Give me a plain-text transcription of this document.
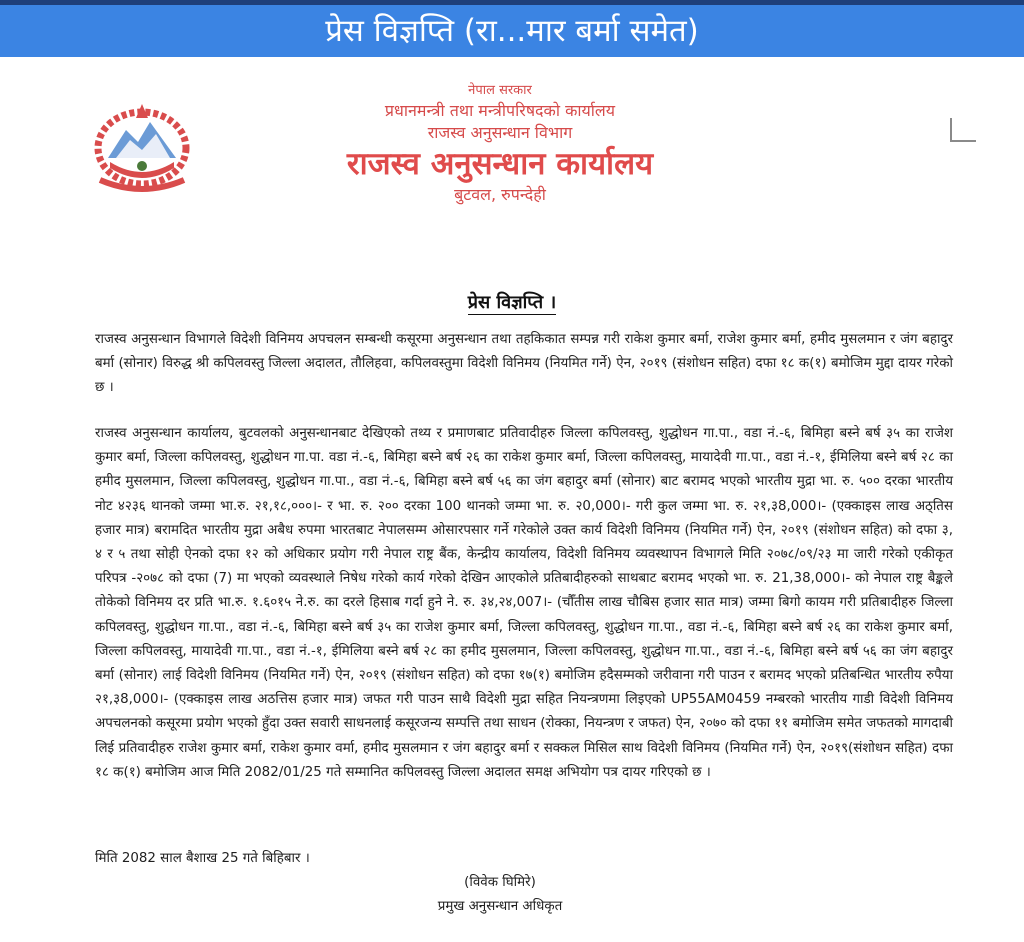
प्रेस विज्ञप्ति (रा...मार बर्मा समेत)
नेपाल सरकार
प्रधानमन्त्री तथा मन्त्रीपरिषदको कार्यालय
राजस्व अनुसन्धान विभाग
राजस्व अनुसन्धान कार्यालय
बुटवल, रुपन्देही
प्रेस विज्ञप्ति ।

राजस्व अनुसन्धान विभागले विदेशी विनिमय अपचलन सम्बन्धी कसूरमा अनुसन्धान तथा तहकिकात सम्पन्न गरी राकेश कुमार बर्मा, राजेश कुमार बर्मा, हमीद मुसलमान र जंग बहादुर बर्मा (सोनार) विरुद्ध श्री कपिलवस्तु जिल्ला अदालत, तौलिहवा, कपिलवस्तुमा विदेशी विनिमय (नियमित गर्ने) ऐन, २०१९ (संशोधन सहित) दफा १८ क(१) बमोजिम मुद्दा दायर गरेको छ ।

राजस्व अनुसन्धान कार्यालय, बुटवलको अनुसन्धानबाट देखिएको तथ्य र प्रमाणबाट प्रतिवादीहरु जिल्ला कपिलवस्तु, शुद्धोधन गा.पा., वडा नं.-६, बिमिहा बस्ने बर्ष ३५ का राजेश कुमार बर्मा, जिल्ला कपिलवस्तु, शुद्धोधन गा.पा. वडा नं.-६, बिमिहा बस्ने बर्ष २६ का राकेश कुमार बर्मा, जिल्ला कपिलवस्तु, मायादेवी गा.पा., वडा नं.-१, ईमिलिया बस्ने बर्ष २८ का हमीद मुसलमान, जिल्ला कपिलवस्तु, शुद्धोधन गा.पा., वडा नं.-६, बिमिहा बस्ने बर्ष ५६ का जंग बहादुर बर्मा (सोनार) बाट बरामद भएको भारतीय मुद्रा भा. रु. ५०० दरका भारतीय नोट ४२३६ थानको जम्मा भा.रु. २१,१८,०००।- र भा. रु. २०० दरका 100 थानको जम्मा भा. रु. २0,000।- गरी कुल जम्मा भा. रु. २१,३8,000।- (एक्काइस लाख अठ्तिस हजार मात्र) बरामदित भारतीय मुद्रा अबैध रुपमा भारतबाट नेपालसम्म ओसारपसार गर्ने गरेकोले उक्त कार्य विदेशी विनिमय (नियमित गर्ने) ऐन, २०१९ (संशोधन सहित) को दफा ३, ४ र ५ तथा सोही ऐनको दफा १२ को अधिकार प्रयोग गरी नेपाल राष्ट्र बैंक, केन्द्रीय कार्यालय, विदेशी विनिमय व्यवस्थापन विभागले मिति २०७८/०९/२३ मा जारी गरेको एकीकृत परिपत्र -२०७८ को दफा (7) मा भएको व्यवस्थाले निषेध गरेको कार्य गरेको देखिन आएकोले प्रतिबादीहरुको साथबाट बरामद भएको भा. रु. 21,38,000।- को नेपाल राष्ट्र बैङ्कले तोकेको विनिमय दर प्रति भा.रु. १.६०१५ ने.रु. का दरले हिसाब गर्दा हुने ने. रु. ३४,२४,007।- (चौँतीस लाख चौबिस हजार सात मात्र) जम्मा बिगो कायम गरी प्रतिबादीहरु जिल्ला कपिलवस्तु, शुद्धोधन गा.पा., वडा नं.-६, बिमिहा बस्ने बर्ष ३५ का राजेश कुमार बर्मा, जिल्ला कपिलवस्तु, शुद्धोधन गा.पा., वडा नं.-६, बिमिहा बस्ने बर्ष २६ का राकेश कुमार बर्मा, जिल्ला कपिलवस्तु, मायादेवी गा.पा., वडा नं.-१, ईमिलिया बस्ने बर्ष २८ का हमीद मुसलमान, जिल्ला कपिलवस्तु, शुद्धोधन गा.पा., वडा नं.-६, बिमिहा बस्ने बर्ष ५६ का जंग बहादुर बर्मा (सोनार) लाई विदेशी विनिमय (नियमित गर्ने) ऐन, २०१९ (संशोधन सहित) को दफा १७(१) बमोजिम हदैसम्मको जरीवाना गरी पाउन र बरामद भएको प्रतिबन्धित भारतीय रुपैया २१,३8,000।- (एक्काइस लाख अठत्तिस हजार मात्र) जफत गरी पाउन साथै विदेशी मुद्रा सहित नियन्त्रणमा लिइएको UP55AM0459 नम्बरको भारतीय गाडी विदेशी विनिमय अपचलनको कसूरमा प्रयोग भएको हुँदा उक्त सवारी साधनलाई कसूरजन्य सम्पत्ति तथा साधन (रोक्का, नियन्त्रण र जफत) ऐन, २०७० को दफा ११ बमोजिम समेत जफतको मागदाबी लिई प्रतिवादीहरु राजेश कुमार बर्मा, राकेश कुमार वर्मा, हमीद मुसलमान र जंग बहादुर बर्मा र सक्कल मिसिल साथ विदेशी विनिमय (नियमित गर्ने) ऐन, २०१९(संशोधन सहित) दफा १८ क(१) बमोजिम आज मिति 2082/01/25 गते सम्मानित कपिलवस्तु जिल्ला अदालत समक्ष अभियोग पत्र दायर गरिएको छ ।

मिति 2082 साल बैशाख 25 गते बिहिबार ।
(विवेक घिमिरे)
प्रमुख अनुसन्धान अधिकृत
